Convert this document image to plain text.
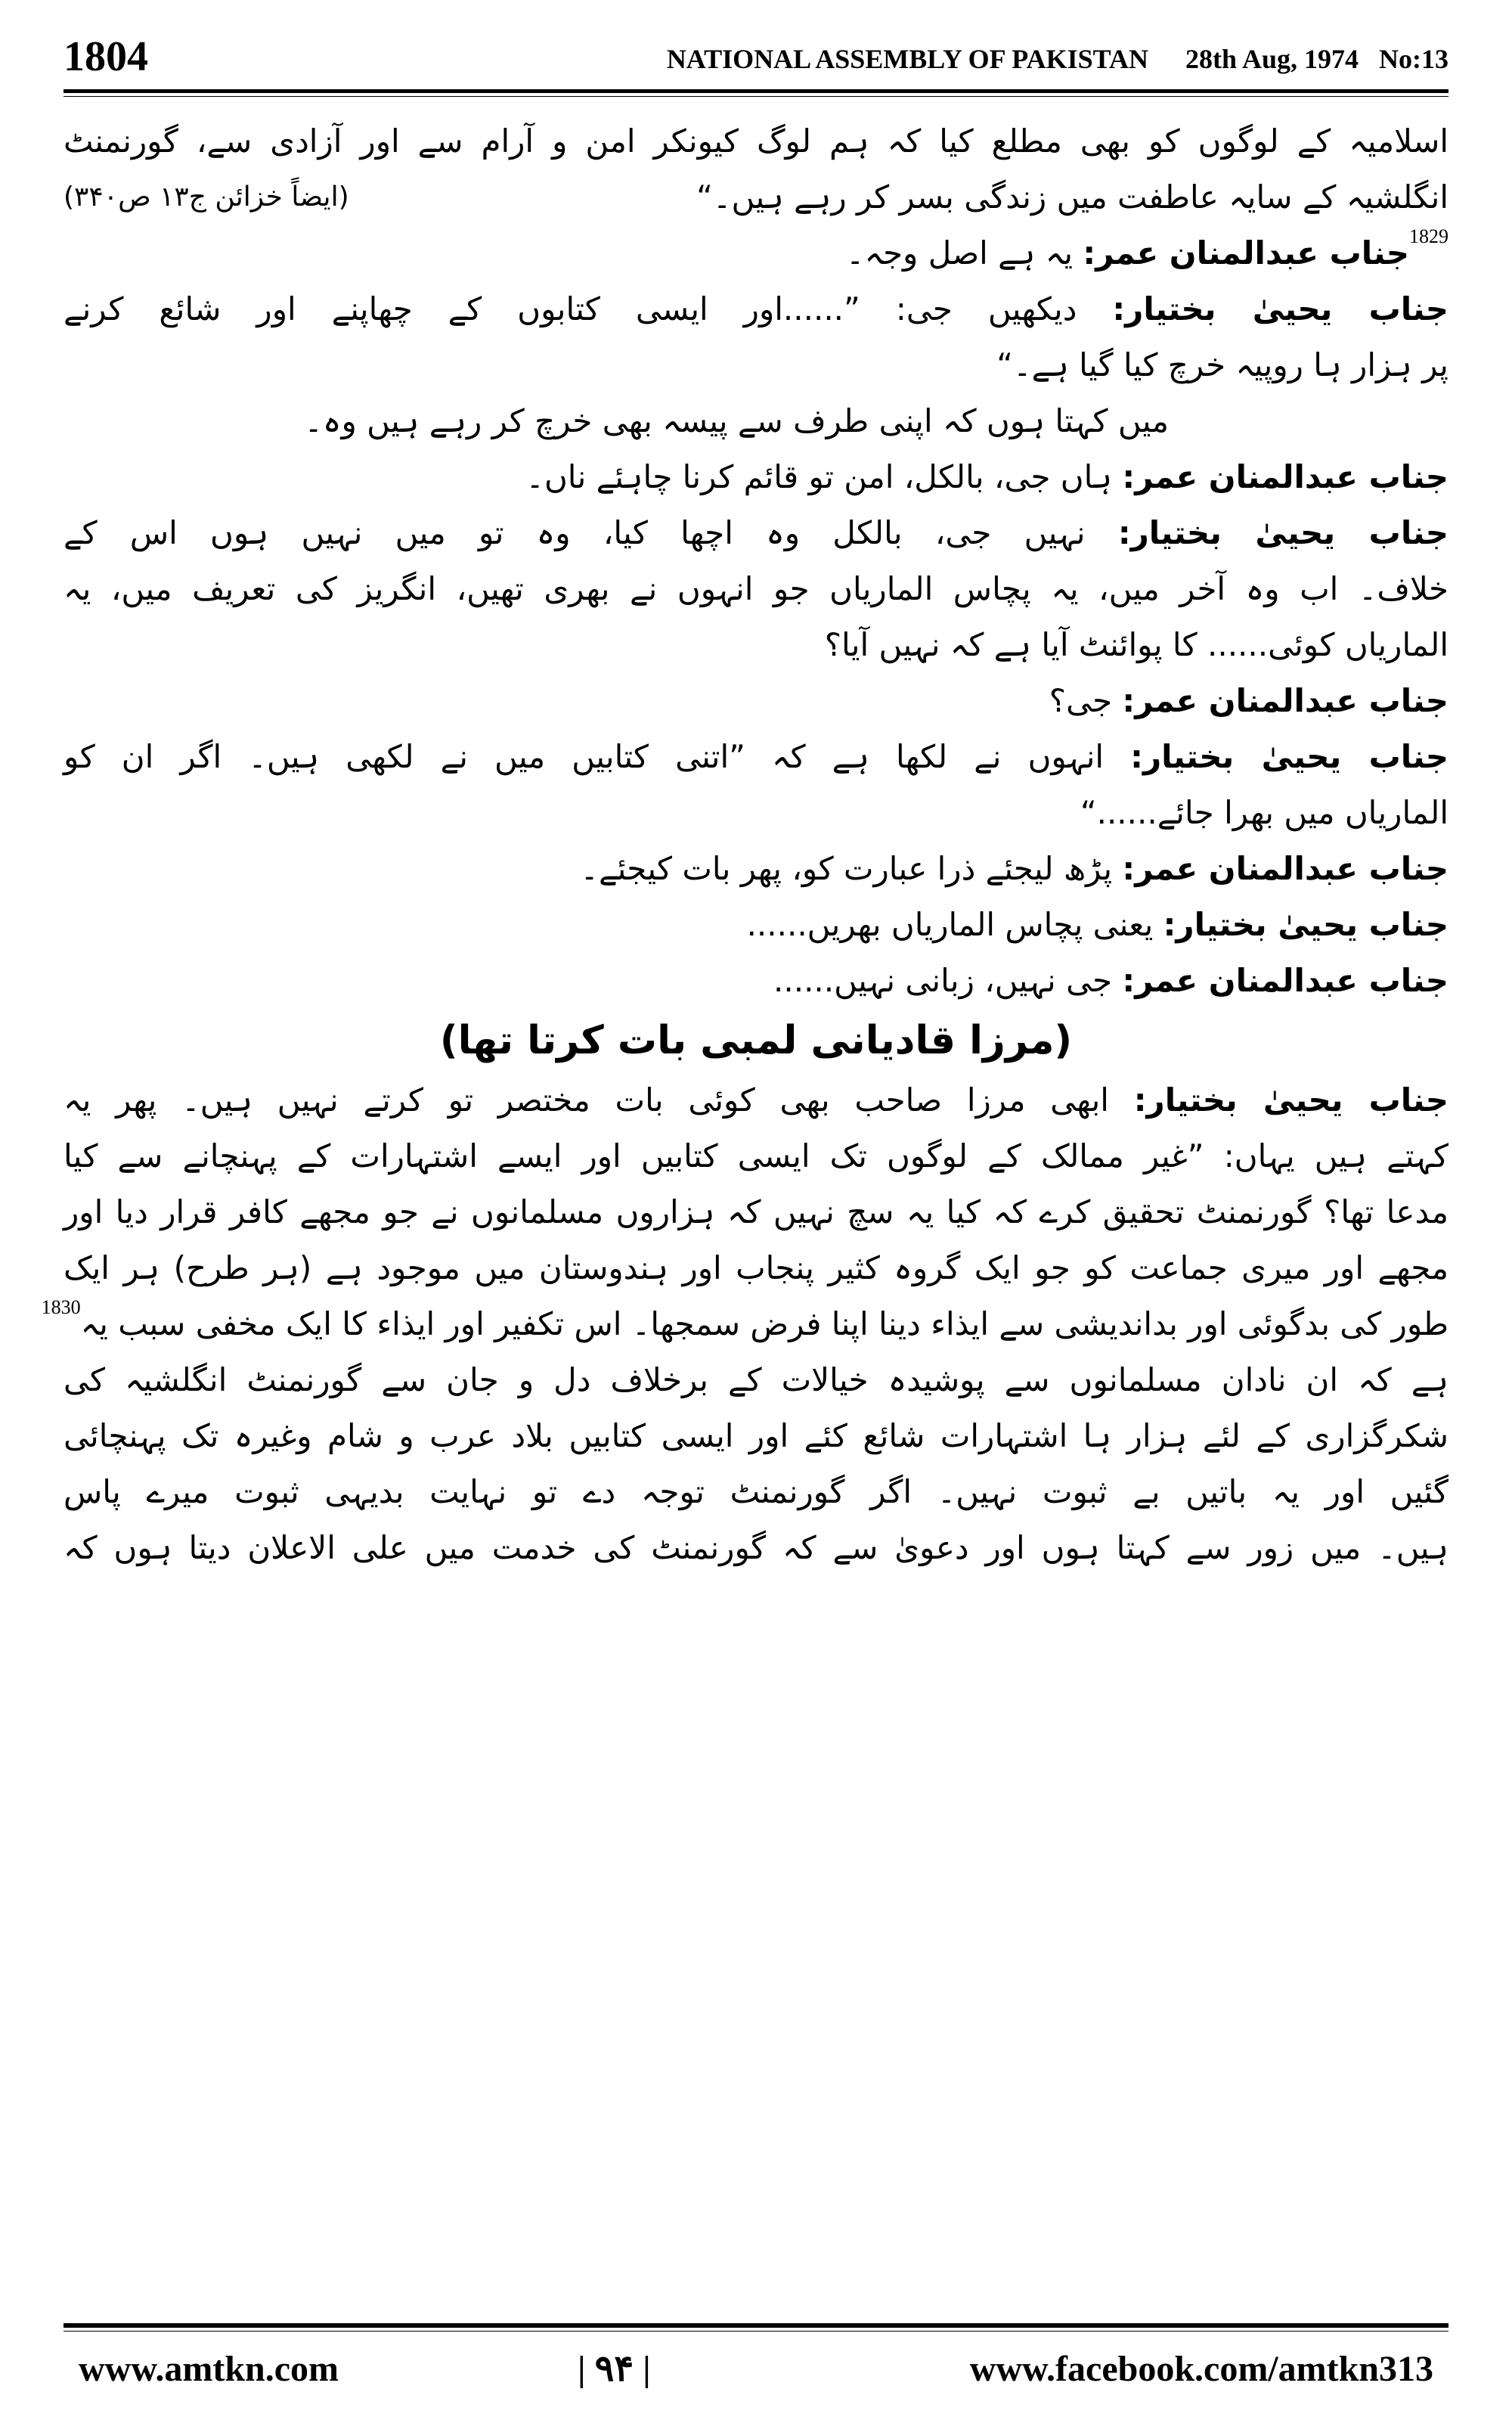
1804	NATIONAL ASSEMBLY OF PAKISTAN 28th Aug, 1974 No:13
اسلامیہ کے لوگوں کو بھی مطلع کیا کہ ہم لوگ کیونکر امن و آرام سے اور آزادی سے، گورنمنٹ
(ایضاً خزائن ج۱۳ ص۳۴۰)	انگلشیہ کے سایہ عاطفت میں زندگی بسر کر رہے ہیں۔“
$^{1829}$جناب عبدالمنان عمر: یہ ہے اصل وجہ۔
جناب یحییٰ بختیار: دیکھیں جی: ”......اور ایسی کتابوں کے چھاپنے اور شائع کرنے
پر ہزار ہا روپیہ خرچ کیا گیا ہے۔“
میں کہتا ہوں کہ اپنی طرف سے پیسہ بھی خرچ کر رہے ہیں وہ۔
جناب عبدالمنان عمر: ہاں جی، بالکل، امن تو قائم کرنا چاہئے ناں۔
جناب یحییٰ بختیار: نہیں جی، بالکل وہ اچھا کیا، وہ تو میں نہیں ہوں اس کے
خلاف۔ اب وہ آخر میں، یہ پچاس الماریاں جو انہوں نے بھری تھیں، انگریز کی تعریف میں، یہ
الماریاں کوئی...... کا پوائنٹ آیا ہے کہ نہیں آیا؟
جناب عبدالمنان عمر: جی؟
جناب یحییٰ بختیار: انہوں نے لکھا ہے کہ ”اتنی کتابیں میں نے لکھی ہیں۔ اگر ان کو
الماریاں میں بھرا جائے......“
جناب عبدالمنان عمر: پڑھ لیجئے ذرا عبارت کو، پھر بات کیجئے۔
جناب یحییٰ بختیار: یعنی پچاس الماریاں بھریں......
جناب عبدالمنان عمر: جی نہیں، زبانی نہیں......
(مرزا قادیانی لمبی بات کرتا تھا)
جناب یحییٰ بختیار: ابھی مرزا صاحب بھی کوئی بات مختصر تو کرتے نہیں ہیں۔ پھر یہ
کہتے ہیں یہاں: ”غیر ممالک کے لوگوں تک ایسی کتابیں اور ایسے اشتہارات کے پہنچانے سے کیا
مدعا تھا؟ گورنمنٹ تحقیق کرے کہ کیا یہ سچ نہیں کہ ہزاروں مسلمانوں نے جو مجھے کافر قرار دیا اور
مجھے اور میری جماعت کو جو ایک گروہ کثیر پنجاب اور ہندوستان میں موجود ہے (ہر طرح) ہر ایک
طور کی بدگوئی اور بداندیشی سے ایذاء دینا اپنا فرض سمجھا۔ اس تکفیر اور ایذاء کا ایک مخفی سبب یہ$^{1830}$
ہے کہ ان نادان مسلمانوں سے پوشیدہ خیالات کے برخلاف دل و جان سے گورنمنٹ انگلشیہ کی
شکرگزاری کے لئے ہزار ہا اشتہارات شائع کئے اور ایسی کتابیں بلاد عرب و شام وغیرہ تک پہنچائی
گئیں اور یہ باتیں بے ثبوت نہیں۔ اگر گورنمنٹ توجہ دے تو نہایت بدیہی ثبوت میرے پاس
ہیں۔ میں زور سے کہتا ہوں اور دعویٰ سے کہ گورنمنٹ کی خدمت میں علی الاعلان دیتا ہوں کہ
www.amtkn.com	| ۹۴ |	www.facebook.com/amtkn313
